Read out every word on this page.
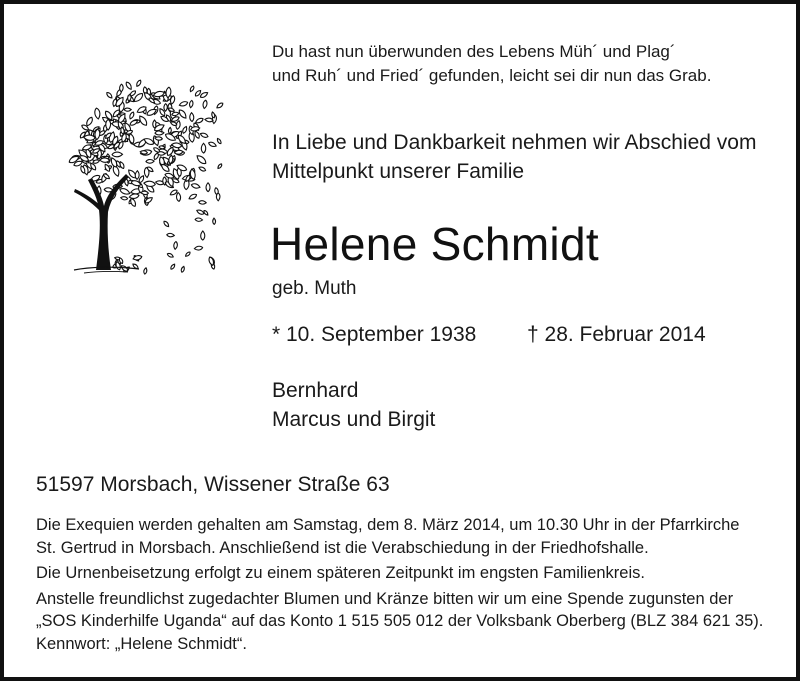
Du hast nun überwunden des Lebens Müh´ und Plag´
und Ruh´ und Fried´ gefunden, leicht sei dir nun das Grab.
In Liebe und Dankbarkeit nehmen wir Abschied vom
Mittelpunkt unserer Familie
Helene Schmidt
geb. Muth
* 10. September 1938 † 28. Februar 2014
Bernhard
Marcus und Birgit
51597 Morsbach, Wissener Straße 63

Die Exequien werden gehalten am Samstag, dem 8. März 2014, um 10.30 Uhr in der Pfarrkirche

St. Gertrud in Morsbach. Anschließend ist die Verabschiedung in der Friedhofshalle.

Die Urnenbeisetzung erfolgt zu einem späteren Zeitpunkt im engsten Familienkreis.

Anstelle freundlichst zugedachter Blumen und Kränze bitten wir um eine Spende zugunsten der

„SOS Kinderhilfe Uganda“ auf das Konto 1 515 505 012 der Volksbank Oberberg (BLZ 384 621 35).

Kennwort: „Helene Schmidt“.
